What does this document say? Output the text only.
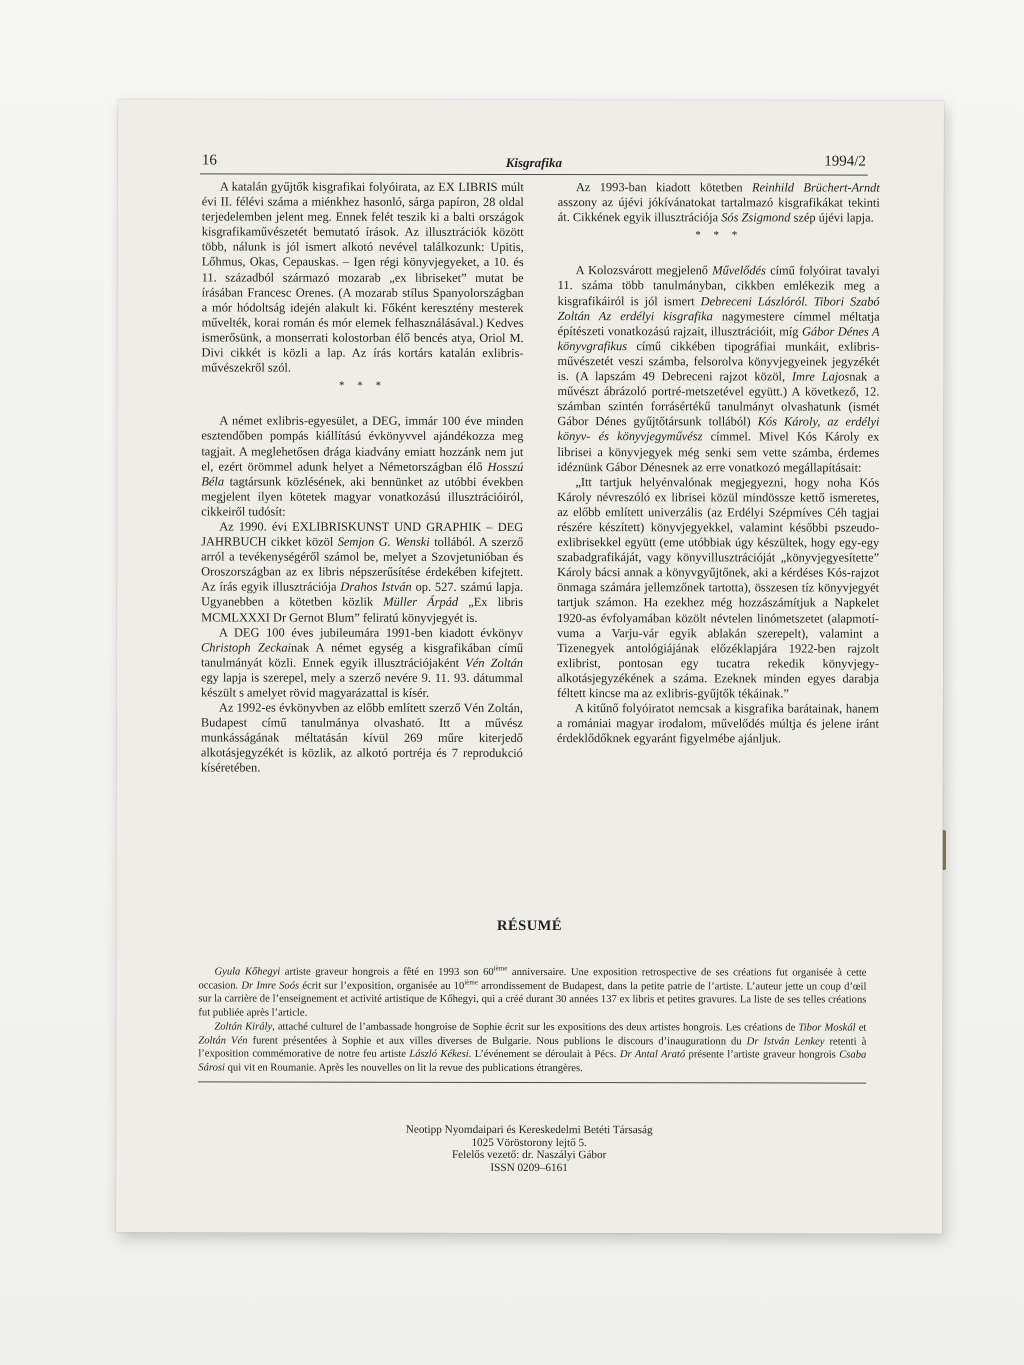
16	Kisgrafika	1994/2

A katalán gyűjtők kisgrafikai folyóirata, az EX LIBRIS múlt évi II. félévi száma a miénkhez hasonló, sárga papíron, 28 oldal terjedelemben jelent meg. Ennek felét teszik ki a balti országok kisgrafikaművészetét bemutató írások. Az illusztrációk között több, nálunk is jól ismert alkotó nevével találkozunk: Upitis, Lőhmus, Okas, Cepauskas. – Igen régi könyvjegyeket, a 10. és 11. századból származó mozarab „ex libriseket” mutat be írásában Francesc Orenes. (A mozarab stílus Spanyolországban a mór hódoltság idején alakult ki. Főként keresztény mesterek művelték, korai román és mór elemek felhasználásával.) Kedves ismerősünk, a monserrati kolostorban élő bencés atya, Oriol M. Divi cikkét is közli a lap. Az írás kortárs katalán exlibris-művészekről szól.

* * *

A német exlibris-egyesület, a DEG, immár 100 éve minden esztendőben pompás kiállítású évkönyvvel ajándékozza meg tagjait. A meglehetősen drága kiadvány emiatt hozzánk nem jut el, ezért örömmel adunk helyet a Németországban élő Hosszú Béla tagtársunk közlésének, aki bennünket az utóbbi években megjelent ilyen kötetek magyar vonatkozású illusztrációiról, cikkeiről tudósít:

Az 1990. évi EXLIBRISKUNST UND GRAPHIK – DEG JAHRBUCH cikket közöl Semjon G. Wenski tollából. A szerző arról a tevékenységéről számol be, melyet a Szovjetunióban és Oroszországban az ex libris népszerűsítése érdekében kifejtett. Az írás egyik illusztrációja Drahos István op. 527. számú lapja. Ugyanebben a kötetben közlik Müller Árpád „Ex libris MCMLXXXI Dr Gernot Blum” feliratú könyvjegyét is.

A DEG 100 éves jubileumára 1991-ben kiadott évkönyv Christoph Zeckainak A német egység a kisgrafikában című tanulmányát közli. Ennek egyik illusztrációjaként Vén Zoltán egy lapja is szerepel, mely a szerző nevére 9. 11. 93. dátummal készült s amelyet rövid magyarázattal is kísér.

Az 1992-es évkönyvben az előbb említett szerző Vén Zoltán, Budapest című tanulmánya olvasható. Itt a művész munkásságának méltatásán kívül 269 műre kiterjedő alkotásjegyzékét is közlik, az alkotó portréja és 7 reprodukció kíséretében.

Az 1993-ban kiadott kötetben Reinhild Brüchert-Arndt asszony az újévi jókívánatokat tartalmazó kisgrafikákat tekinti át. Cikkének egyik illusztrációja Sós Zsigmond szép újévi lapja.

* * *

A Kolozsvárott megjelenő Művelődés című folyóirat tavalyi 11. száma több tanulmányban, cikkben emlékezik meg a kisgrafikáiról is jól ismert Debreceni Lászlóról. Tibori Szabó Zoltán Az erdélyi kisgrafika nagymestere címmel méltatja építészeti vonatkozású rajzait, illusztrációit, míg Gábor Dénes A könyvgrafikus című cikkében tipográfiai munkáit, exlibris-művészetét veszi számba, felsorolva könyvjegyeinek jegyzékét is. (A lapszám 49 Debreceni rajzot közöl, Imre Lajosnak a művészt ábrázoló portré-metszetével együtt.) A következő, 12. számban szintén forrásértékű tanulmányt olvashatunk (ismét Gábor Dénes gyűjtőtársunk tollából) Kós Károly, az erdélyi könyv- és könyvjegyművész címmel. Mivel Kós Károly ex librisei a könyvjegyek még senki sem vette számba, érdemes idéznünk Gábor Dénesnek az erre vonatkozó megállapításait:

„Itt tartjuk helyénvalónak megjegyezni, hogy noha Kós Károly névreszóló ex librisei közül mindössze kettő ismeretes, az előbb említett univerzális (az Erdélyi Szépmíves Céh tagjai részére készített) könyvjegyekkel, valamint későbbi pszeudo-exlibrisekkel együtt (eme utóbbiak úgy készültek, hogy egy-egy szabadgrafikáját, vagy könyvillusztrációját „könyvjegyesítette” Károly bácsi annak a könyvgyűjtőnek, aki a kérdéses Kós-rajzot önmaga számára jellemzőnek tartotta), összesen tíz könyvjegyét tartjuk számon. Ha ezekhez még hozzászámítjuk a Napkelet 1920-as évfolyamában közölt névtelen linómetszetet (alapmotívuma a Varju-vár egyik ablakán szerepelt), valamint a Tizenegyek antológiájának előzéklapjára 1922-ben rajzolt exlibrist, pontosan egy tucatra rekedik könyvjegy-alkotásjegyzékének a száma. Ezeknek minden egyes darabja féltett kincse ma az exlibris-gyűjtők tékáinak.”

A kitűnő folyóiratot nemcsak a kisgrafika barátainak, hanem a romániai magyar irodalom, művelődés múltja és jelene iránt érdeklődőknek egyaránt figyelmébe ajánljuk.

RÉSUMÉ

Gyula Kőhegyi artiste graveur hongrois a fêté en 1993 son 60ième anniversaire. Une exposition retrospective de ses créations fut organisée à cette occasion. Dr Imre Soós écrit sur l’exposition, organisée au 10ième arrondissement de Budapest, dans la petite patrie de l’artiste. L’auteur jette un coup d’œil sur la carrière de l’enseignement et activité artistique de Kőhegyi, qui a créé durant 30 années 137 ex libris et petites gravures. La liste de ses telles créations fut publiée après l’article.

Zoltán Király, attaché culturel de l’ambassade hongroise de Sophie écrit sur les expositions des deux artistes hongrois. Les créations de Tibor Moskál et Zoltán Vén furent présentées à Sophie et aux villes diverses de Bulgarie. Nous publions le discours d’inaugurationn du Dr István Lenkey retenti à l’exposition commémorative de notre feu artiste László Kékesi. L’événement se déroulait à Pécs. Dr Antal Arató présente l’artiste graveur hongrois Csaba Sárosi qui vit en Roumanie. Après les nouvelles on lit la revue des publications étrangères.

Neotipp Nyomdaipari és Kereskedelmi Betéti Társaság
1025 Vöröstorony lejtő 5.
Felelős vezető: dr. Naszályi Gábor
ISSN 0209–6161
